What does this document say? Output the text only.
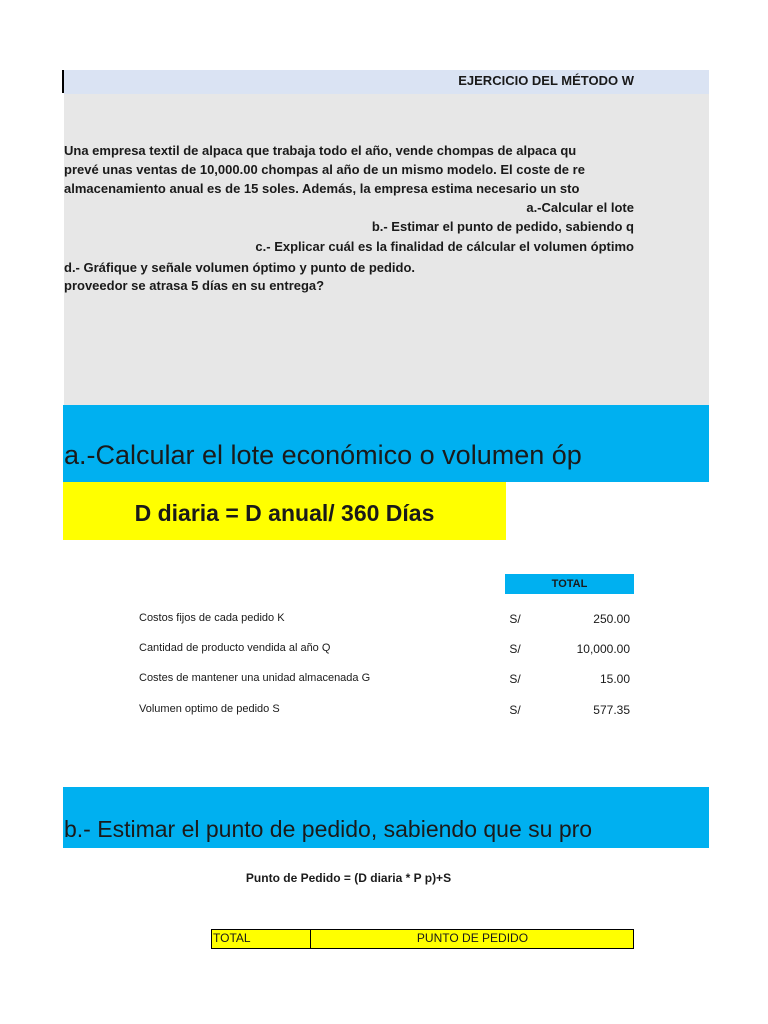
EJERCICIO DEL MÉTODO W
Una empresa textil de alpaca que trabaja todo el año, vende chompas de alpaca qu
prevé unas ventas de 10,000.00 chompas al año de un mismo modelo. El coste de re
almacenamiento anual es de 15 soles. Además, la empresa estima necesario un sto
a.-Calcular el lote
b.- Estimar el punto de pedido, sabiendo q
c.- Explicar cuál es la finalidad de cálcular el volumen óptimo
d.- Gráfique y señale volumen óptimo y punto de pedido.
proveedor se atrasa 5 días en su entrega?
a.-Calcular el lote económico o volumen óp
D diaria = D anual/ 360 Días
TOTAL
Costos fijos de cada pedido K	S/	250.00
Cantidad de producto vendida al año Q	S/	10,000.00
Costes de mantener una unidad almacenada G	S/	15.00
Volumen optimo de pedido S	S/	577.35
b.- Estimar el punto de pedido, sabiendo que su pro
Punto de Pedido = (D diaria * P p)+S
TOTAL	PUNTO DE PEDIDO
